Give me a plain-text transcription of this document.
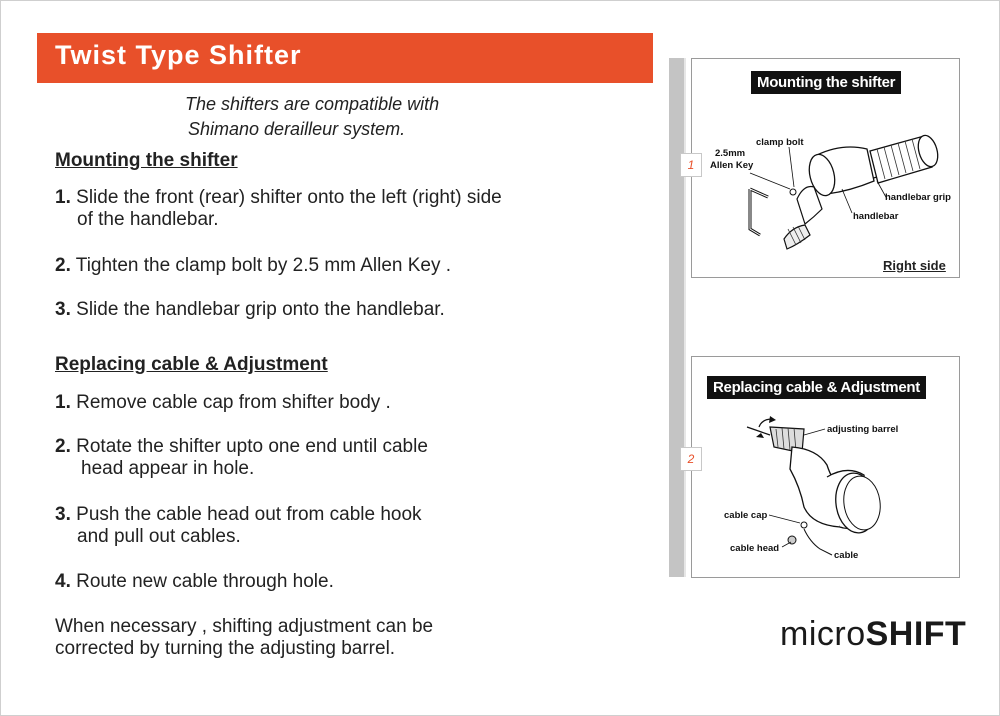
Twist Type Shifter
The shifters are compatible with
Shimano derailleur system.
Mounting the shifter
1. Slide the front (rear) shifter onto the left (right) side
of the handlebar.
2. Tighten the clamp bolt by 2.5 mm Allen Key .
3. Slide the handlebar grip onto the handlebar.
Replacing cable & Adjustment
1. Remove cable cap from shifter body .
2. Rotate the shifter upto one end until cable
head appear in hole.
3. Push the cable head out from cable hook
and pull out cables.
4. Route new cable through hole.
When necessary , shifting adjustment can be
corrected by turning the adjusting barrel.
Mounting the shifter
2.5mm
Allen Key
clamp bolt
handlebar grip
handlebar
Right side
1
Replacing cable & Adjustment
adjusting barrel
cable cap
cable head
cable
2
microSHIFT
